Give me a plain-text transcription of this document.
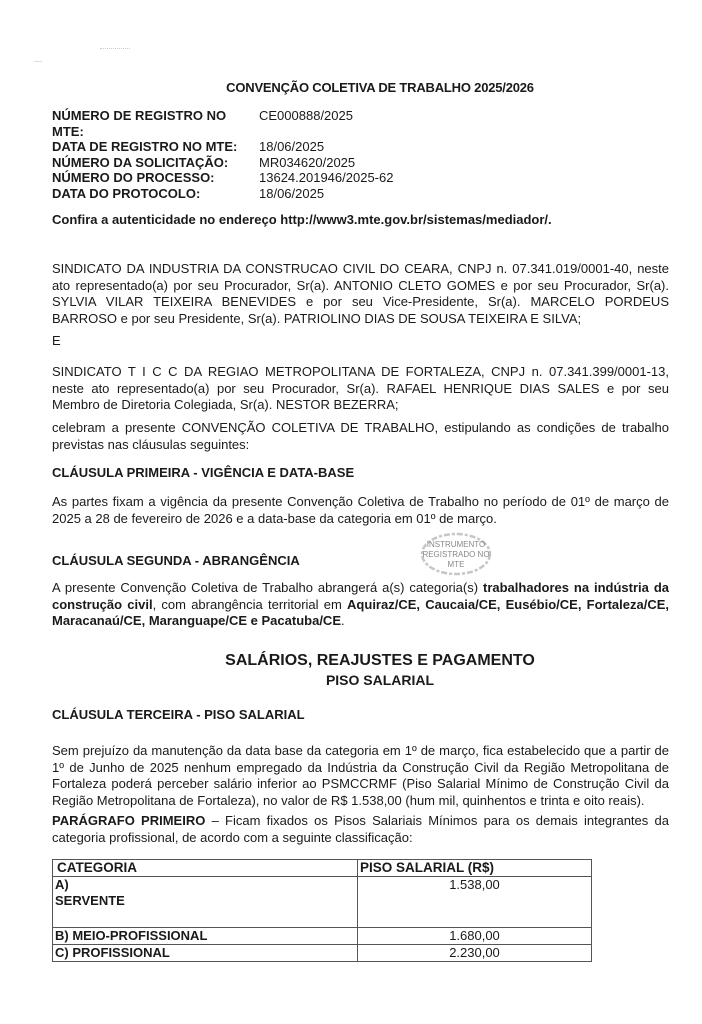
CONVENÇÃO COLETIVA DE TRABALHO 2025/2026
NÚMERO DE REGISTRO NO MTE:
CE000888/2025
DATA DE REGISTRO NO MTE:	18/06/2025
NÚMERO DA SOLICITAÇÃO:	MR034620/2025
NÚMERO DO PROCESSO:	13624.201946/2025-62
DATA DO PROTOCOLO:	18/06/2025
Confira a autenticidade no endereço http://www3.mte.gov.br/sistemas/mediador/.
SINDICATO DA INDUSTRIA DA CONSTRUCAO CIVIL DO CEARA, CNPJ n. 07.341.019/0001-40, neste ato representado(a) por seu Procurador, Sr(a). ANTONIO CLETO GOMES e por seu Procurador, Sr(a). SYLVIA VILAR TEIXEIRA BENEVIDES e por seu Vice-Presidente, Sr(a). MARCELO PORDEUS BARROSO e por seu Presidente, Sr(a). PATRIOLINO DIAS DE SOUSA TEIXEIRA E SILVA;
E
SINDICATO T I C C DA REGIAO METROPOLITANA DE FORTALEZA, CNPJ n. 07.341.399/0001-13, neste ato representado(a) por seu Procurador, Sr(a). RAFAEL HENRIQUE DIAS SALES e por seu Membro de Diretoria Colegiada, Sr(a). NESTOR BEZERRA;
celebram a presente CONVENÇÃO COLETIVA DE TRABALHO, estipulando as condições de trabalho previstas nas cláusulas seguintes:
CLÁUSULA PRIMEIRA - VIGÊNCIA E DATA-BASE
As partes fixam a vigência da presente Convenção Coletiva de Trabalho no período de 01º de março de 2025 a 28 de fevereiro de 2026 e a data-base da categoria em 01º de março.
INSTRUMENTO
REGISTRADO NO
MTE
CLÁUSULA SEGUNDA - ABRANGÊNCIA
A presente Convenção Coletiva de Trabalho abrangerá a(s) categoria(s) trabalhadores na indústria da construção civil, com abrangência territorial em Aquiraz/CE, Caucaia/CE, Eusébio/CE, Fortaleza/CE, Maracanaú/CE, Maranguape/CE e Pacatuba/CE.
SALÁRIOS, REAJUSTES E PAGAMENTO
PISO SALARIAL
CLÁUSULA TERCEIRA - PISO SALARIAL
Sem prejuízo da manutenção da data base da categoria em 1º de março, fica estabelecido que a partir de 1º de Junho de 2025 nenhum empregado da Indústria da Construção Civil da Região Metropolitana de Fortaleza poderá perceber salário inferior ao PSMCCRMF (Piso Salarial Mínimo de Construção Civil da Região Metropolitana de Fortaleza), no valor de R$ 1.538,00 (hum mil, quinhentos e trinta e oito reais).
PARÁGRAFO PRIMEIRO – Ficam fixados os Pisos Salariais Mínimos para os demais integrantes da categoria profissional, de acordo com a seguinte classificação:
CATEGORIA	PISO SALARIAL (R$)

A)
SERVENTE	1.538,00
B) MEIO-PROFISSIONAL	1.680,00
C) PROFISSIONAL	2.230,00
